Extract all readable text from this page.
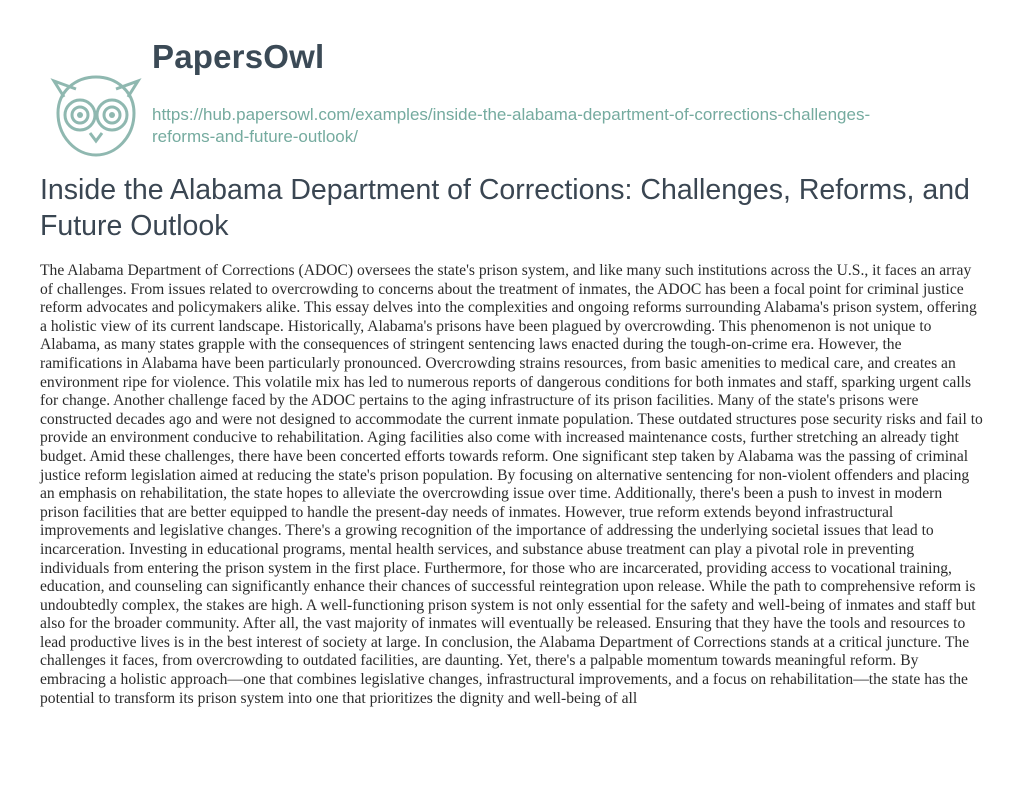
PapersOwl
https://hub.papersowl.com/examples/inside-the-alabama-department-of-corrections-challenges-reforms-and-future-outlook/
Inside the Alabama Department of Corrections: Challenges, Reforms, and Future Outlook

The Alabama Department of Corrections (ADOC) oversees the state's prison system, and like many such institutions across the U.S., it faces an array of challenges. From issues related to overcrowding to concerns about the treatment of inmates, the ADOC has been a focal point for criminal justice reform advocates and policymakers alike. This essay delves into the complexities and ongoing reforms surrounding Alabama's prison system, offering a holistic view of its current landscape. Historically, Alabama's prisons have been plagued by overcrowding. This phenomenon is not unique to Alabama, as many states grapple with the consequences of stringent sentencing laws enacted during the tough-on-crime era. However, the ramifications in Alabama have been particularly pronounced. Overcrowding strains resources, from basic amenities to medical care, and creates an environment ripe for violence. This volatile mix has led to numerous reports of dangerous conditions for both inmates and staff, sparking urgent calls for change. Another challenge faced by the ADOC pertains to the aging infrastructure of its prison facilities. Many of the state's prisons were constructed decades ago and were not designed to accommodate the current inmate population. These outdated structures pose security risks and fail to provide an environment conducive to rehabilitation. Aging facilities also come with increased maintenance costs, further stretching an already tight budget. Amid these challenges, there have been concerted efforts towards reform. One significant step taken by Alabama was the passing of criminal justice reform legislation aimed at reducing the state's prison population. By focusing on alternative sentencing for non-violent offenders and placing an emphasis on rehabilitation, the state hopes to alleviate the overcrowding issue over time. Additionally, there's been a push to invest in modern prison facilities that are better equipped to handle the present-day needs of inmates. However, true reform extends beyond infrastructural improvements and legislative changes. There's a growing recognition of the importance of addressing the underlying societal issues that lead to incarceration. Investing in educational programs, mental health services, and substance abuse treatment can play a pivotal role in preventing individuals from entering the prison system in the first place. Furthermore, for those who are incarcerated, providing access to vocational training, education, and counseling can significantly enhance their chances of successful reintegration upon release. While the path to comprehensive reform is undoubtedly complex, the stakes are high. A well-functioning prison system is not only essential for the safety and well-being of inmates and staff but also for the broader community. After all, the vast majority of inmates will eventually be released. Ensuring that they have the tools and resources to lead productive lives is in the best interest of society at large. In conclusion, the Alabama Department of Corrections stands at a critical juncture. The challenges it faces, from overcrowding to outdated facilities, are daunting. Yet, there's a palpable momentum towards meaningful reform. By embracing a holistic approach—one that combines legislative changes, infrastructural improvements, and a focus on rehabilitation—the state has the potential to transform its prison system into one that prioritizes the dignity and well-being of all
